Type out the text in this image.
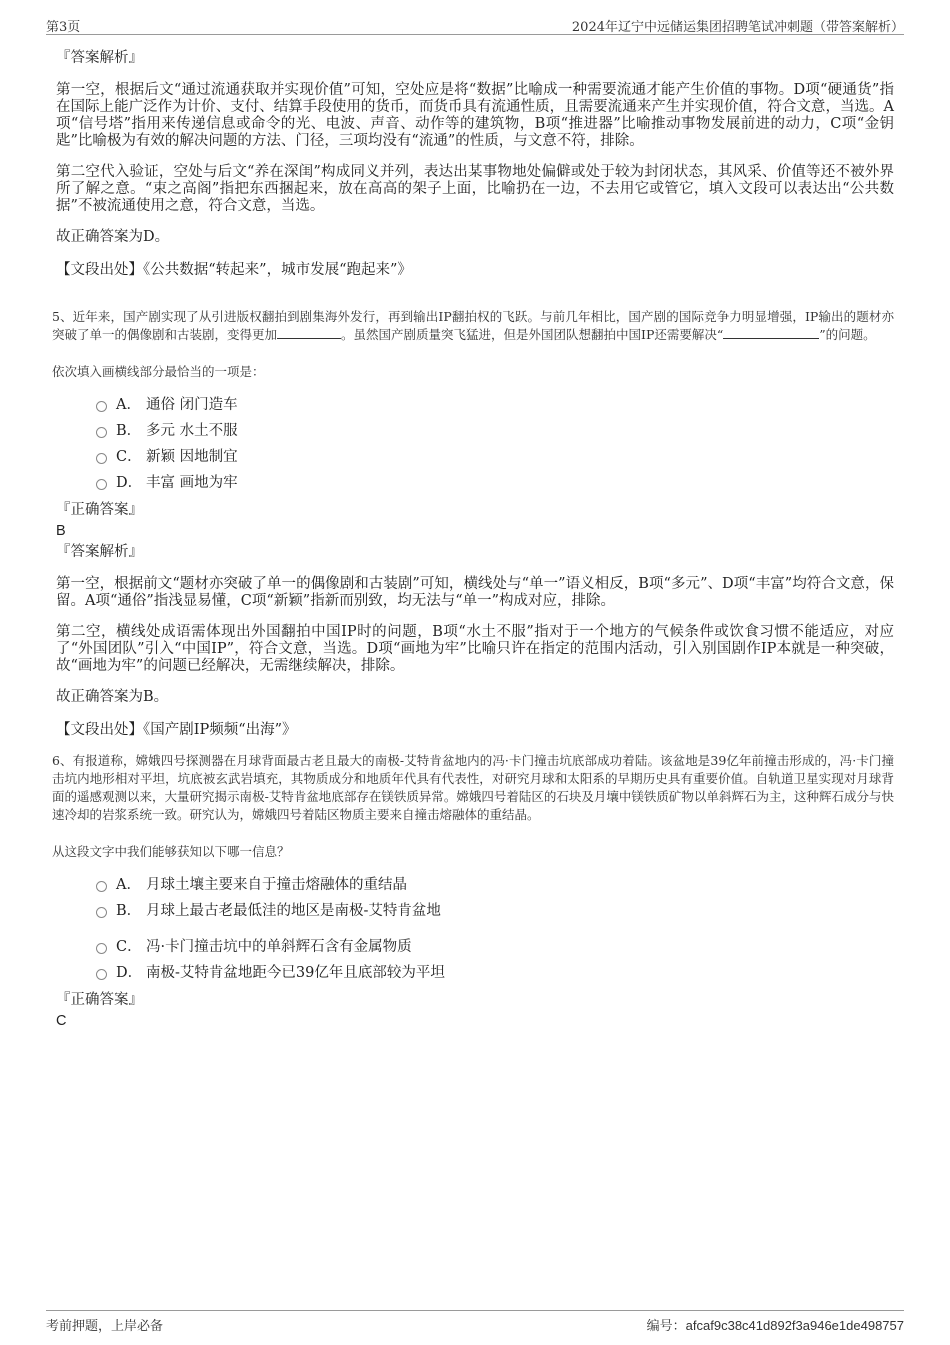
第3页	2024年辽宁中远储运集团招聘笔试冲刺题（带答案解析）
『答案解析』

第一空，根据后文“通过流通获取并实现价值”可知，空处应是将“数据”比喻成一种需要流通才能产生价值的事物。D项“硬通货”指在国际上能广泛作为计价、支付、结算手段使用的货币，而货币具有流通性质，且需要流通来产生并实现价值，符合文意，当选。A项“信号塔”指用来传递信息或命令的光、电波、声音、动作等的建筑物，B项“推进器”比喻推动事物发展前进的动力，C项“金钥匙”比喻极为有效的解决问题的方法、门径，三项均没有“流通”的性质，与文意不符，排除。

第二空代入验证，空处与后文“养在深闺”构成同义并列，表达出某事物地处偏僻或处于较为封闭状态，其风采、价值等还不被外界所了解之意。“束之高阁”指把东西捆起来，放在高高的架子上面，比喻扔在一边，不去用它或管它，填入文段可以表达出“公共数据”不被流通使用之意，符合文意，当选。

故正确答案为D。

【文段出处】《公共数据“转起来”，城市发展“跑起来”》

5、近年来，国产剧实现了从引进版权翻拍到剧集海外发行，再到输出IP翻拍权的飞跃。与前几年相比，国产剧的国际竞争力明显增强，IP输出的题材亦突破了单一的偶像剧和古装剧，变得更加	。虽然国产剧质量突飞猛进，但是外国团队想翻拍中国IP还需要解决“	”的问题。

依次填入画横线部分最恰当的一项是：

A． 通俗 闭门造车
B． 多元 水土不服
C． 新颖 因地制宜
D． 丰富 画地为牢
『正确答案』
B
『答案解析』

第一空，根据前文“题材亦突破了单一的偶像剧和古装剧”可知，横线处与“单一”语义相反，B项“多元”、D项“丰富”均符合文意，保留。A项“通俗”指浅显易懂，C项“新颖”指新而别致，均无法与“单一”构成对应，排除。

第二空，横线处成语需体现出外国翻拍中国IP时的问题，B项“水土不服”指对于一个地方的气候条件或饮食习惯不能适应，对应了“外国团队”引入“中国IP”，符合文意，当选。D项“画地为牢”比喻只许在指定的范围内活动，引入别国剧作IP本就是一种突破，故“画地为牢”的问题已经解决，无需继续解决，排除。

故正确答案为B。

【文段出处】《国产剧IP频频“出海”》

6、有报道称，嫦娥四号探测器在月球背面最古老且最大的南极-艾特肯盆地内的冯·卡门撞击坑底部成功着陆。该盆地是39亿年前撞击形成的，冯·卡门撞击坑内地形相对平坦，坑底被玄武岩填充，其物质成分和地质年代具有代表性，对研究月球和太阳系的早期历史具有重要价值。自轨道卫星实现对月球背面的遥感观测以来，大量研究揭示南极-艾特肯盆地底部存在镁铁质异常。嫦娥四号着陆区的石块及月壤中镁铁质矿物以单斜辉石为主，这种辉石成分与快速冷却的岩浆系统一致。研究认为，嫦娥四号着陆区物质主要来自撞击熔融体的重结晶。

从这段文字中我们能够获知以下哪一信息？

A． 月球土壤主要来自于撞击熔融体的重结晶
B． 月球上最古老最低洼的地区是南极-艾特肯盆地
C． 冯·卡门撞击坑中的单斜辉石含有金属物质
D． 南极-艾特肯盆地距今已39亿年且底部较为平坦
『正确答案』
C
考前押题，上岸必备	编号：afcaf9c38c41d892f3a946e1de498757
